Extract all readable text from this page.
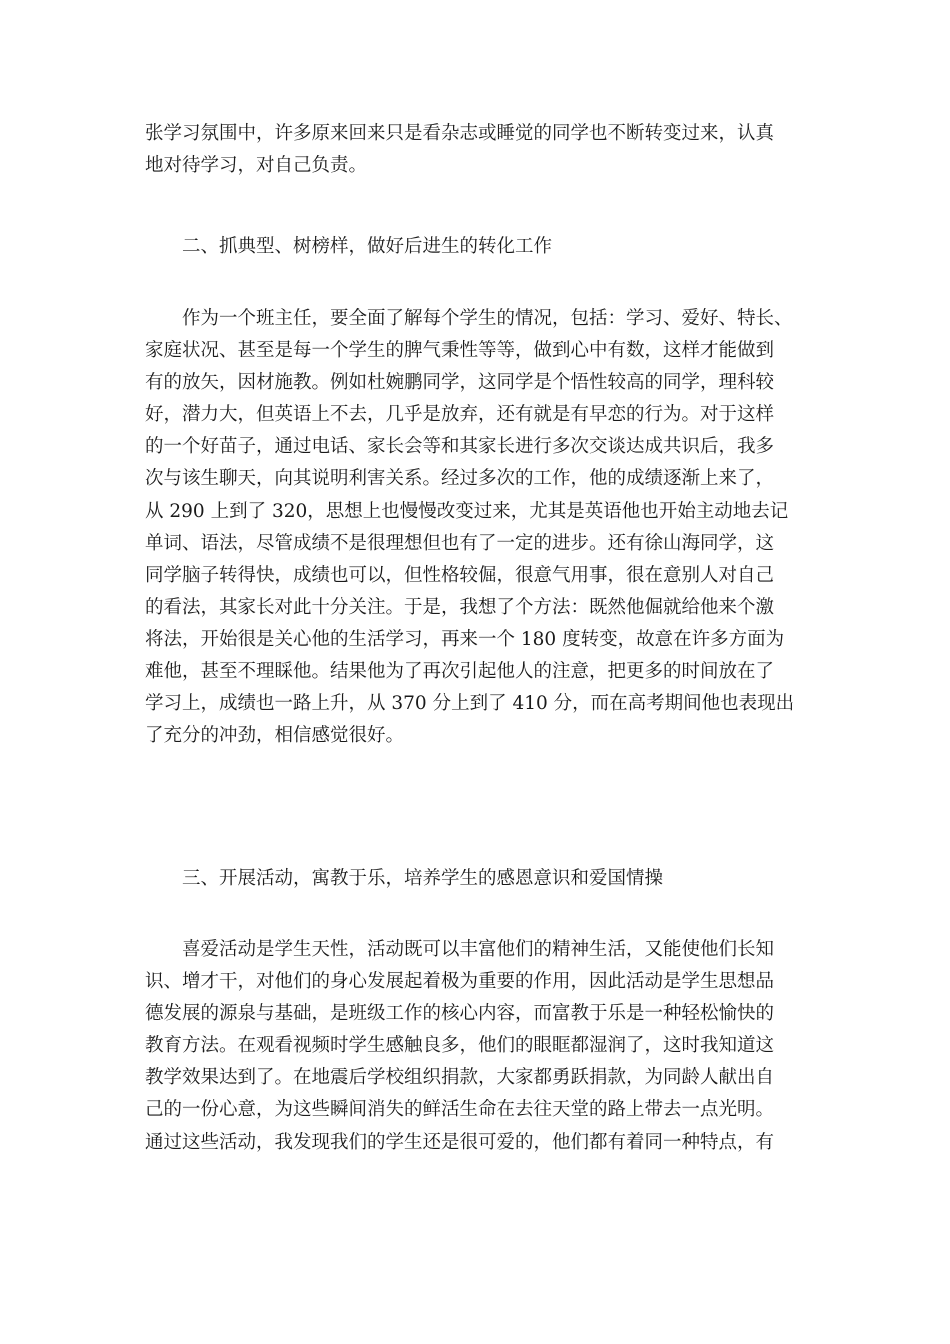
张学习氛围中，许多原来回来只是看杂志或睡觉的同学也不断转变过来，认真
地对待学习，对自己负责。
二、抓典型、树榜样，做好后进生的转化工作
作为一个班主任，要全面了解每个学生的情况，包括：学习、爱好、特长、
家庭状况、甚至是每一个学生的脾气秉性等等，做到心中有数，这样才能做到
有的放矢，因材施教。例如杜婉鹏同学，这同学是个悟性较高的同学，理科较
好，潜力大，但英语上不去，几乎是放弃，还有就是有早恋的行为。对于这样
的一个好苗子，通过电话、家长会等和其家长进行多次交谈达成共识后，我多
次与该生聊天，向其说明利害关系。经过多次的工作，他的成绩逐渐上来了，
从 290 上到了 320，思想上也慢慢改变过来，尤其是英语他也开始主动地去记
单词、语法，尽管成绩不是很理想但也有了一定的进步。还有徐山海同学，这
同学脑子转得快，成绩也可以，但性格较倔，很意气用事，很在意别人对自己
的看法，其家长对此十分关注。于是，我想了个方法：既然他倔就给他来个激
将法，开始很是关心他的生活学习，再来一个 180 度转变，故意在许多方面为
难他，甚至不理睬他。结果他为了再次引起他人的注意，把更多的时间放在了
学习上，成绩也一路上升，从 370 分上到了 410 分，而在高考期间他也表现出
了充分的冲劲，相信感觉很好。
三、开展活动，寓教于乐，培养学生的感恩意识和爱国情操
喜爱活动是学生天性，活动既可以丰富他们的精神生活，又能使他们长知
识、增才干，对他们的身心发展起着极为重要的作用，因此活动是学生思想品
德发展的源泉与基础，是班级工作的核心内容，而富教于乐是一种轻松愉快的
教育方法。在观看视频时学生感触良多，他们的眼眶都湿润了，这时我知道这
教学效果达到了。在地震后学校组织捐款，大家都勇跃捐款，为同龄人献出自
己的一份心意，为这些瞬间消失的鲜活生命在去往天堂的路上带去一点光明。
通过这些活动，我发现我们的学生还是很可爱的，他们都有着同一种特点，有
